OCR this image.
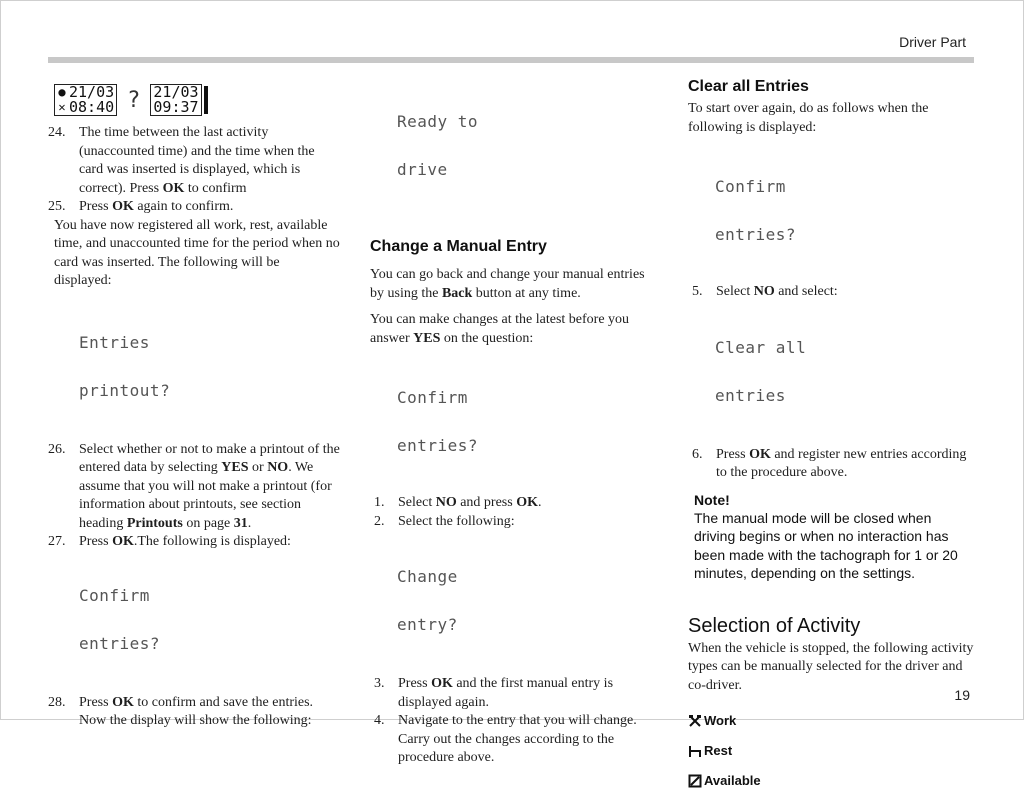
Driver Part
● 21/03
✕ 08:40 ? 21/03
09:37
24. The time between the last activity (unaccounted time) and the time when the card was inserted is displayed, which is correct). Press OK to confirm
25. Press OK again to confirm.

You have now registered all work, rest, available time, and unaccounted time for the period when no card was inserted. The following will be displayed:

Entries

printout?

26. Select whether or not to make a printout of the entered data by selecting YES or NO. We assume that you will not make a printout (for information about printouts, see section heading Printouts on page 31.
27. Press OK.The following is displayed:

Confirm

entries?

28. Press OK to confirm and save the entries. Now the display will show the following:

Ready to

drive

Change a Manual Entry

You can go back and change your manual entries by using the Back button at any time.

You can make changes at the latest before you answer YES on the question:

Confirm

entries?

1. Select NO and press OK.
2. Select the following:

Change

entry?

3. Press OK and the first manual entry is displayed again.
4. Navigate to the entry that you will change. Carry out the changes according to the procedure above.
Clear all Entries

To start over again, do as follows when the following is displayed:

Confirm

entries?

5. Select NO and select:

Clear all

entries

6. Press OK and register new entries according to the procedure above.
Note!
The manual mode will be closed when driving begins or when no interaction has been made with the tachograph for 1 or 20 minutes, depending on the settings.
Selection of Activity

When the vehicle is stopped, the following activity types can be manually selected for the driver and co-driver.

Work
Rest
Available
19
